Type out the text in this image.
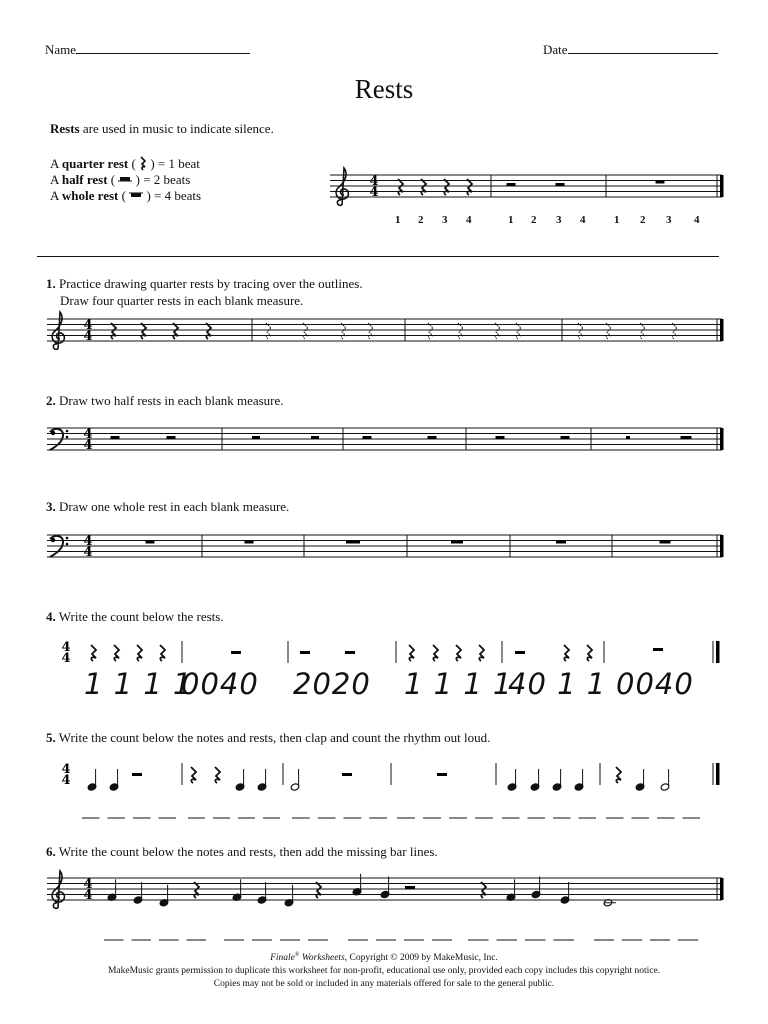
Name	Date
Rests
Rests are used in music to indicate silence.
A quarter rest (  ) = 1 beat
A half rest (  ) = 2 beats
A whole rest (  ) = 4 beats
4
4
1 2 3 4	1 2 3 4	1 2 3 4
1. Practice drawing quarter rests by tracing over the outlines.
Draw four quarter rests in each blank measure.
2. Draw two half rests in each blank measure.
3. Draw one whole rest in each blank measure.
4. Write the count below the rests.
5. Write the count below the notes and rests, then clap and count the rhythm out loud.
6. Write the count below the notes and rests, then add the missing bar lines.
4
4
4
4
4
4
4
4
1 1 1 1
0040 2020 1 1 1 1
40 1 1 0040
4
4
4
4
Finale® Worksheets, Copyright © 2009 by MakeMusic, Inc.
MakeMusic grants permission to duplicate this worksheet for non-profit, educational use only, provided each copy includes this copyright notice.
Copies may not be sold or included in any materials offered for sale to the general public.
